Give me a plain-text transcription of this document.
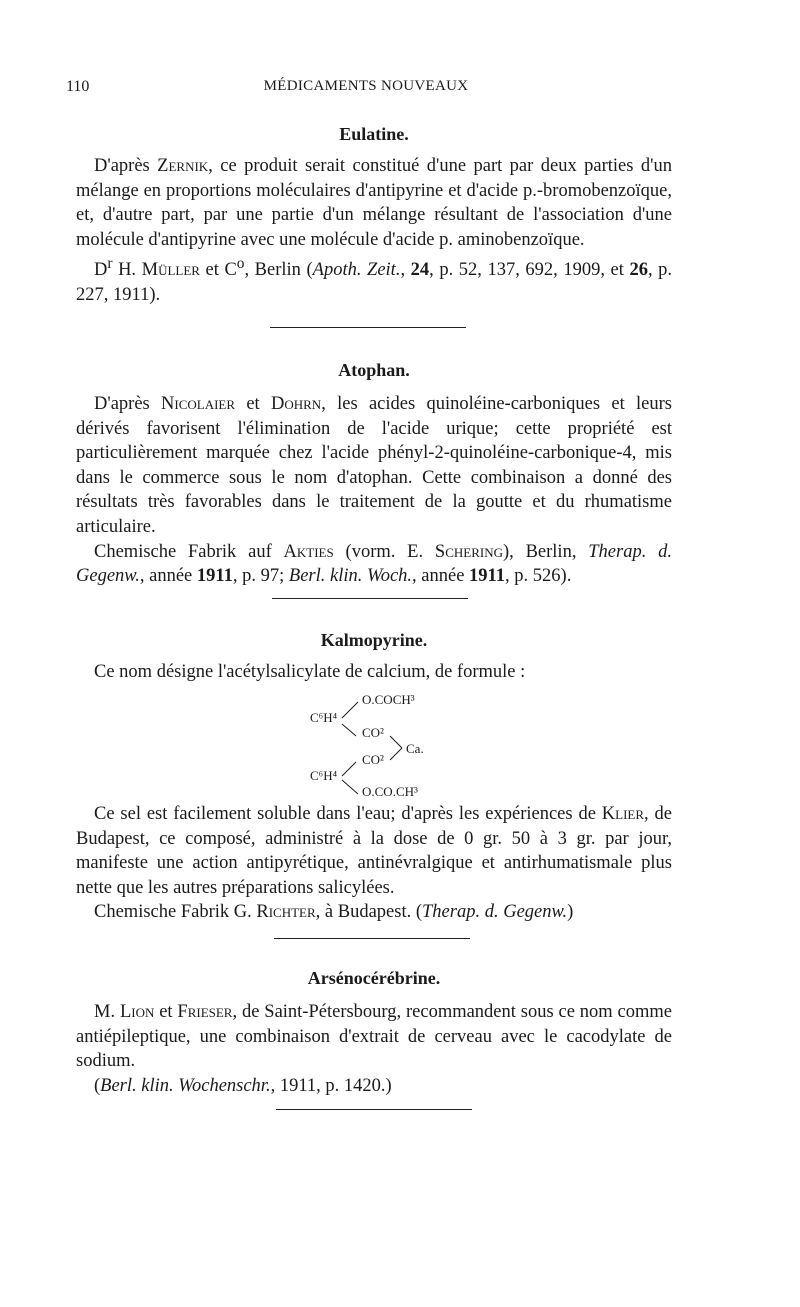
110	MÉDICAMENTS NOUVEAUX
Eulatine.

D'après Zernik, ce produit serait constitué d'une part par deux parties d'un mélange en proportions moléculaires d'antipyrine et d'acide p.-bromobenzoïque, et, d'autre part, par une partie d'un mélange résultant de l'association d'une molécule d'antipyrine avec une molécule d'acide p. aminobenzoïque.

$D^r$ H. Müller et $C^o$, Berlin (Apoth. Zeit., 24, p. 52, 137, 692, 1909, et 26, p. 227, 1911).

Atophan.

D'après Nicolaier et Dohrn, les acides quinoléine-carboniques et leurs dérivés favorisent l'élimination de l'acide urique; cette propriété est particulièrement marquée chez l'acide phényl-2-quinoléine-carbonique-4, mis dans le commerce sous le nom d'atophan. Cette combinaison a donné des résultats très favorables dans le traitement de la goutte et du rhumatisme articulaire.

Chemische Fabrik auf Akties (vorm. E. Schering), Berlin, Therap. d. Gegenw., année 1911, p. 97; Berl. klin. Woch., année 1911, p. 526).

Kalmopyrine.

Ce nom désigne l'acétylsalicylate de calcium, de formule :

C⁶H⁴
O.COCH³
CO²
Ca.
CO²
C⁶H⁴
O.CO.CH³

Ce sel est facilement soluble dans l'eau; d'après les expériences de Klier, de Budapest, ce composé, administré à la dose de 0 gr. 50 à 3 gr. par jour, manifeste une action antipyrétique, antinévralgique et antirhumatismale plus nette que les autres préparations salicylées.

Chemische Fabrik G. Richter, à Budapest. (Therap. d. Gegenw.)

Arsénocérébrine.

M. Lion et Frieser, de Saint-Pétersbourg, recommandent sous ce nom comme antiépileptique, une combinaison d'extrait de cerveau avec le cacodylate de sodium.

(Berl. klin. Wochenschr., 1911, p. 1420.)
